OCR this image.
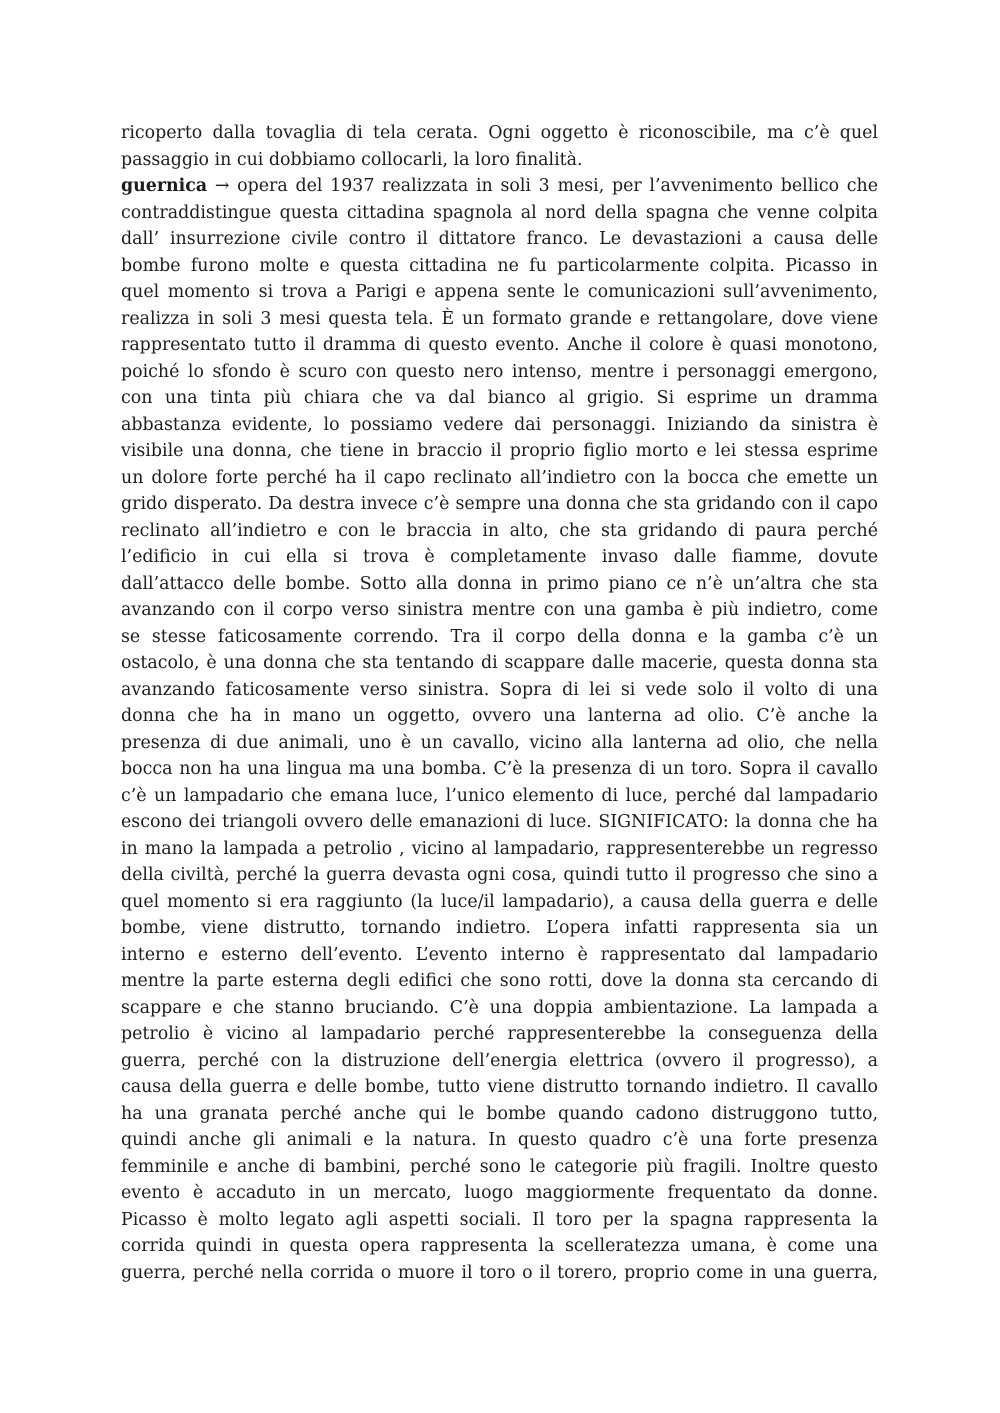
ricoperto dalla tovaglia di tela cerata. Ogni oggetto è riconoscibile, ma c’è quel
passaggio in cui dobbiamo collocarli, la loro finalità.
guernica → opera del 1937 realizzata in soli 3 mesi, per l’avvenimento bellico che
contraddistingue questa cittadina spagnola al nord della spagna che venne colpita
dall’ insurrezione civile contro il dittatore franco. Le devastazioni a causa delle
bombe furono molte e questa cittadina ne fu particolarmente colpita. Picasso in
quel momento si trova a Parigi e appena sente le comunicazioni sull’avvenimento,
realizza in soli 3 mesi questa tela. È un formato grande e rettangolare, dove viene
rappresentato tutto il dramma di questo evento. Anche il colore è quasi monotono,
poiché lo sfondo è scuro con questo nero intenso, mentre i personaggi emergono,
con una tinta più chiara che va dal bianco al grigio. Si esprime un dramma
abbastanza evidente, lo possiamo vedere dai personaggi. Iniziando da sinistra è
visibile una donna, che tiene in braccio il proprio figlio morto e lei stessa esprime
un dolore forte perché ha il capo reclinato all’indietro con la bocca che emette un
grido disperato. Da destra invece c’è sempre una donna che sta gridando con il capo
reclinato all’indietro e con le braccia in alto, che sta gridando di paura perché
l’edificio in cui ella si trova è completamente invaso dalle fiamme, dovute
dall’attacco delle bombe. Sotto alla donna in primo piano ce n’è un’altra che sta
avanzando con il corpo verso sinistra mentre con una gamba è più indietro, come
se stesse faticosamente correndo. Tra il corpo della donna e la gamba c’è un
ostacolo, è una donna che sta tentando di scappare dalle macerie, questa donna sta
avanzando faticosamente verso sinistra. Sopra di lei si vede solo il volto di una
donna che ha in mano un oggetto, ovvero una lanterna ad olio. C’è anche la
presenza di due animali, uno è un cavallo, vicino alla lanterna ad olio, che nella
bocca non ha una lingua ma una bomba. C’è la presenza di un toro. Sopra il cavallo
c’è un lampadario che emana luce, l’unico elemento di luce, perché dal lampadario
escono dei triangoli ovvero delle emanazioni di luce. SIGNIFICATO: la donna che ha
in mano la lampada a petrolio , vicino al lampadario, rappresenterebbe un regresso
della civiltà, perché la guerra devasta ogni cosa, quindi tutto il progresso che sino a
quel momento si era raggiunto (la luce/il lampadario), a causa della guerra e delle
bombe, viene distrutto, tornando indietro. L’opera infatti rappresenta sia un
interno e esterno dell’evento. L’evento interno è rappresentato dal lampadario
mentre la parte esterna degli edifici che sono rotti, dove la donna sta cercando di
scappare e che stanno bruciando. C’è una doppia ambientazione. La lampada a
petrolio è vicino al lampadario perché rappresenterebbe la conseguenza della
guerra, perché con la distruzione dell’energia elettrica (ovvero il progresso), a
causa della guerra e delle bombe, tutto viene distrutto tornando indietro. Il cavallo
ha una granata perché anche qui le bombe quando cadono distruggono tutto,
quindi anche gli animali e la natura. In questo quadro c’è una forte presenza
femminile e anche di bambini, perché sono le categorie più fragili. Inoltre questo
evento è accaduto in un mercato, luogo maggiormente frequentato da donne.
Picasso è molto legato agli aspetti sociali. Il toro per la spagna rappresenta la
corrida quindi in questa opera rappresenta la scelleratezza umana, è come una
guerra, perché nella corrida o muore il toro o il torero, proprio come in una guerra,
